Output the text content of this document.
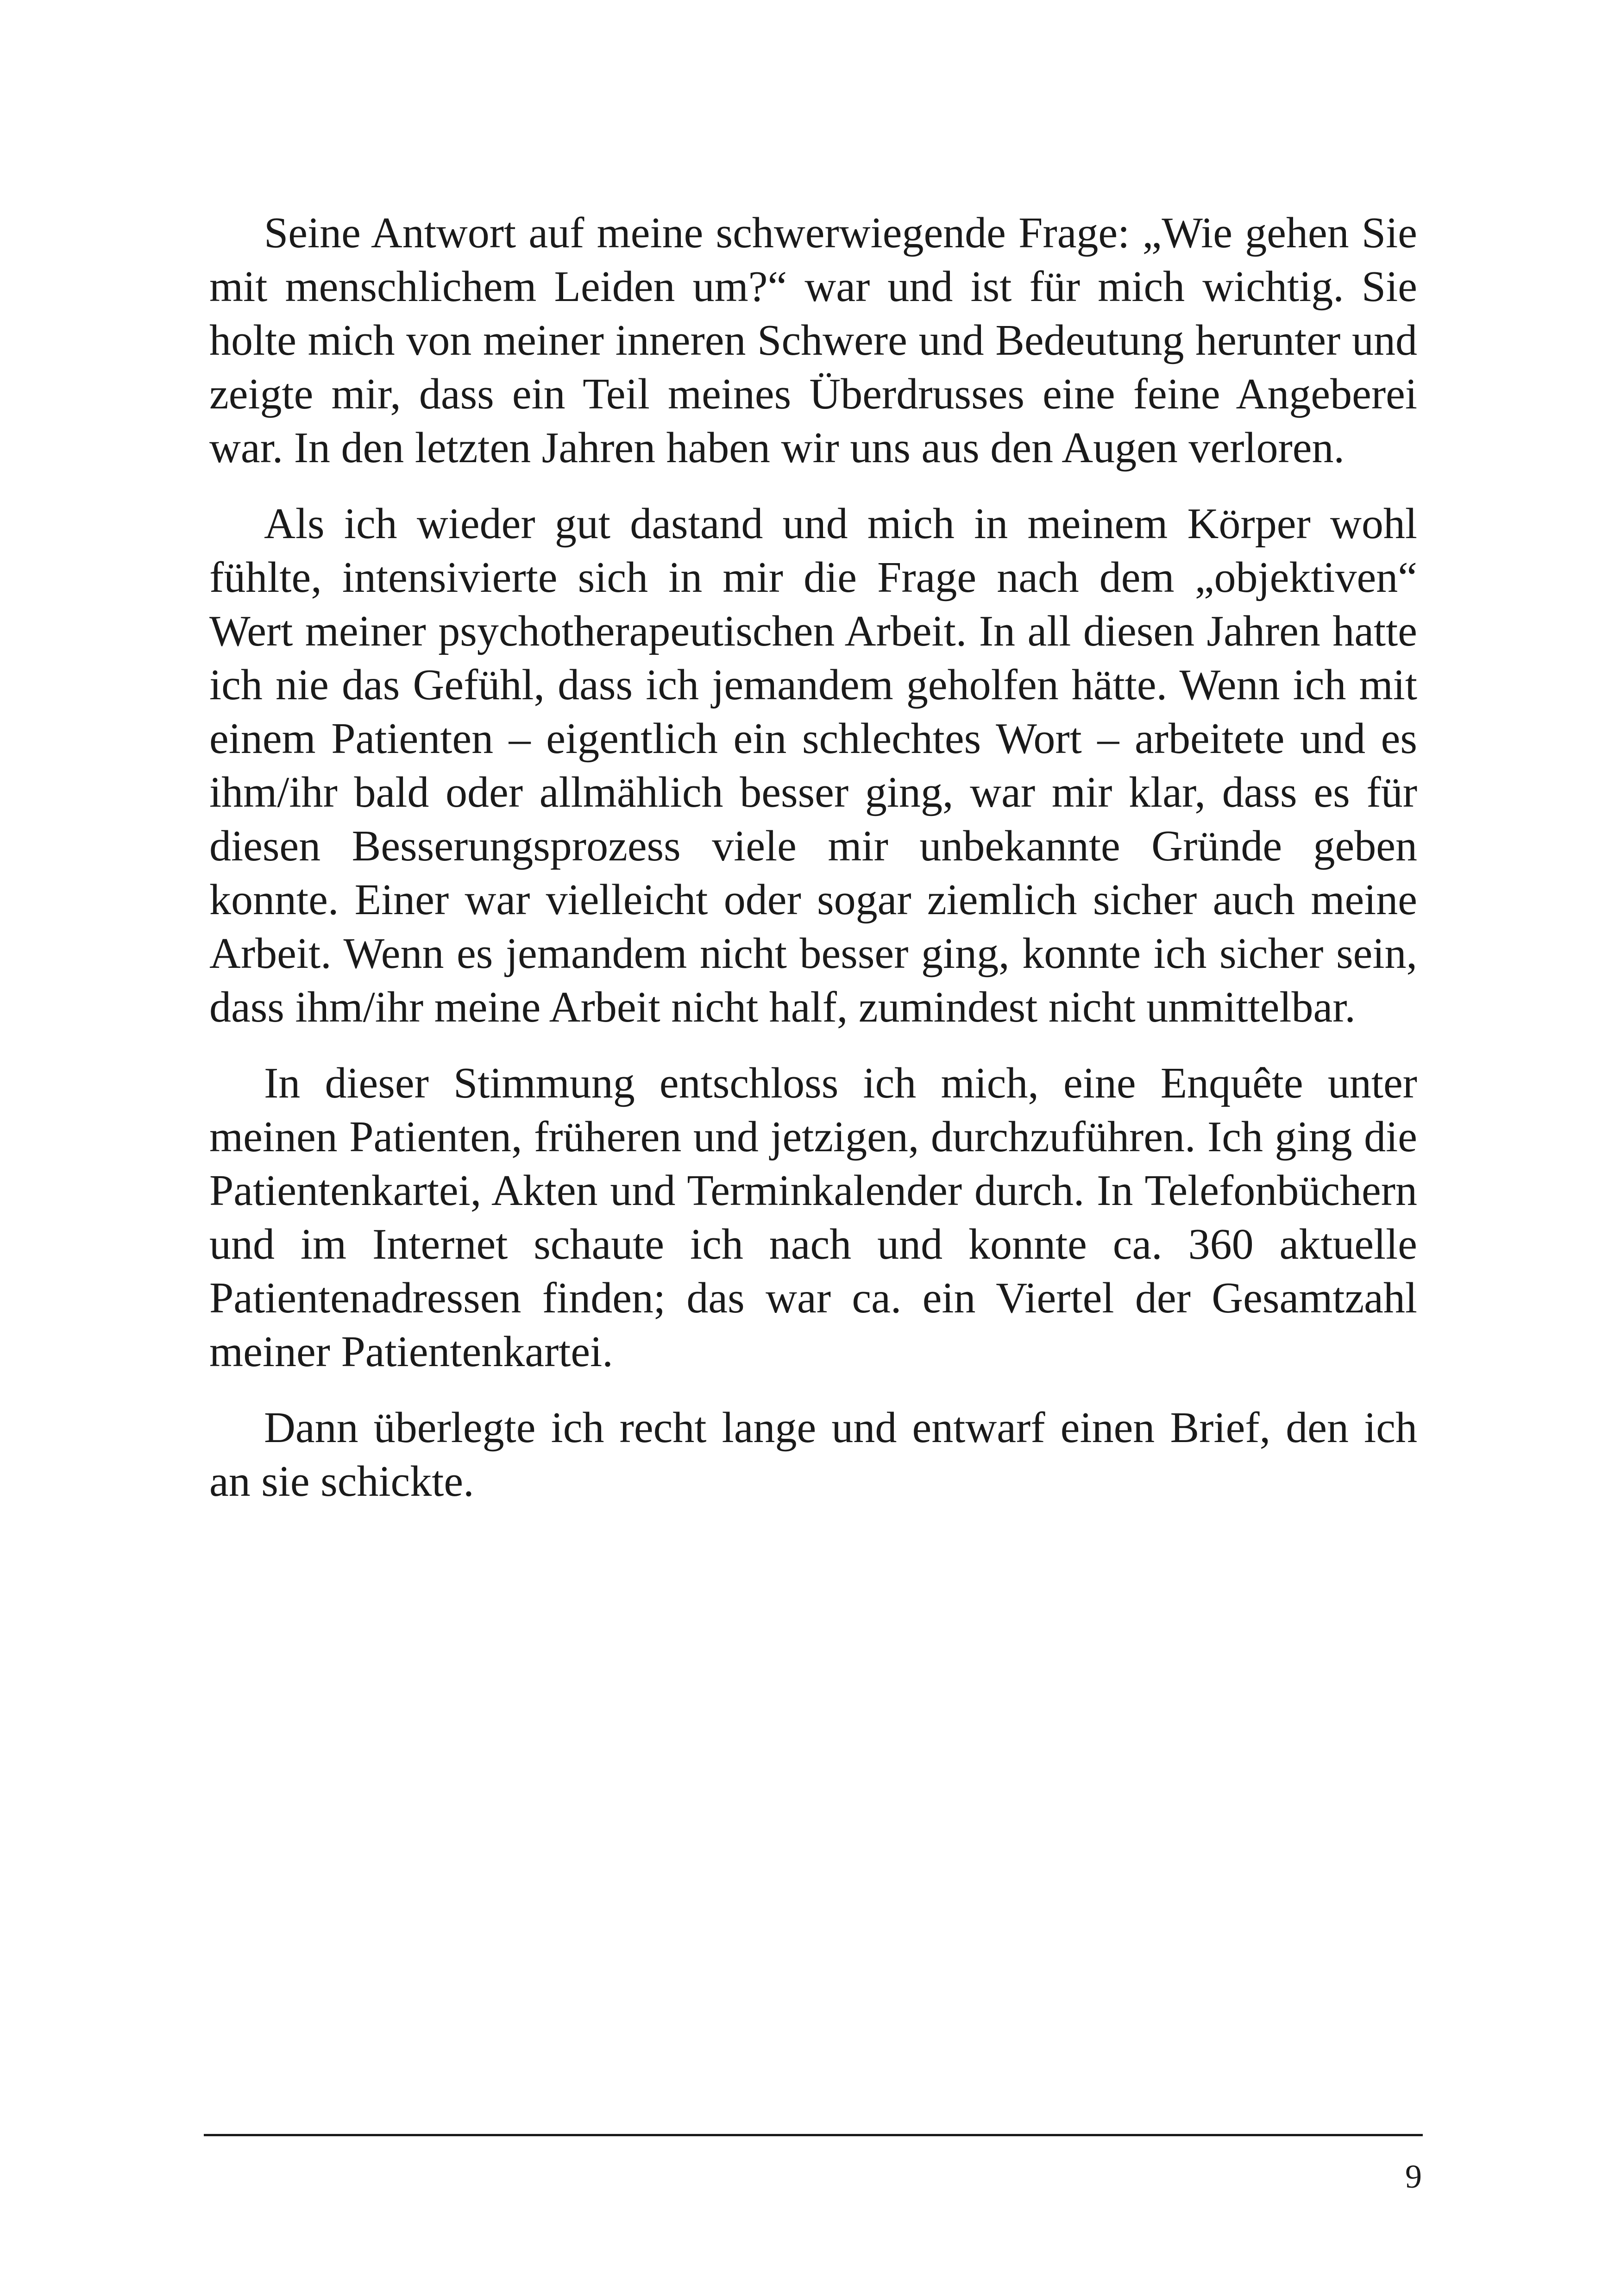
Seine Antwort auf meine schwerwiegende Frage: „Wie gehen Sie mit menschlichem Leiden um?“ war und ist für mich wichtig. Sie holte mich von meiner inneren Schwere und Bedeutung herunter und zeigte mir, dass ein Teil meines Überdrusses eine feine Angeberei war. In den letzten Jahren haben wir uns aus den Augen verloren.

Als ich wieder gut dastand und mich in meinem Körper wohl fühlte, intensivierte sich in mir die Frage nach dem „objektiven“ Wert meiner psychotherapeutischen Arbeit. In all diesen Jahren hatte ich nie das Gefühl, dass ich jemandem geholfen hätte. Wenn ich mit einem Patienten – eigentlich ein schlechtes Wort – arbeitete und es ihm/ihr bald oder allmählich besser ging, war mir klar, dass es für diesen Besserungsprozess viele mir unbekannte Gründe geben konnte. Einer war vielleicht oder sogar ziemlich sicher auch meine Arbeit. Wenn es jemandem nicht besser ging, konnte ich sicher sein, dass ihm/ihr meine Arbeit nicht half, zumindest nicht unmittelbar.

In dieser Stimmung entschloss ich mich, eine Enquête unter meinen Patienten, früheren und jetzigen, durchzuführen. Ich ging die Patientenkartei, Akten und Terminkalender durch. In Telefonbüchern und im Internet schaute ich nach und konnte ca. 360 aktuelle Patientenadressen finden; das war ca. ein Viertel der Gesamtzahl meiner Patientenkartei.

Dann überlegte ich recht lange und entwarf einen Brief, den ich an sie schickte.

9
